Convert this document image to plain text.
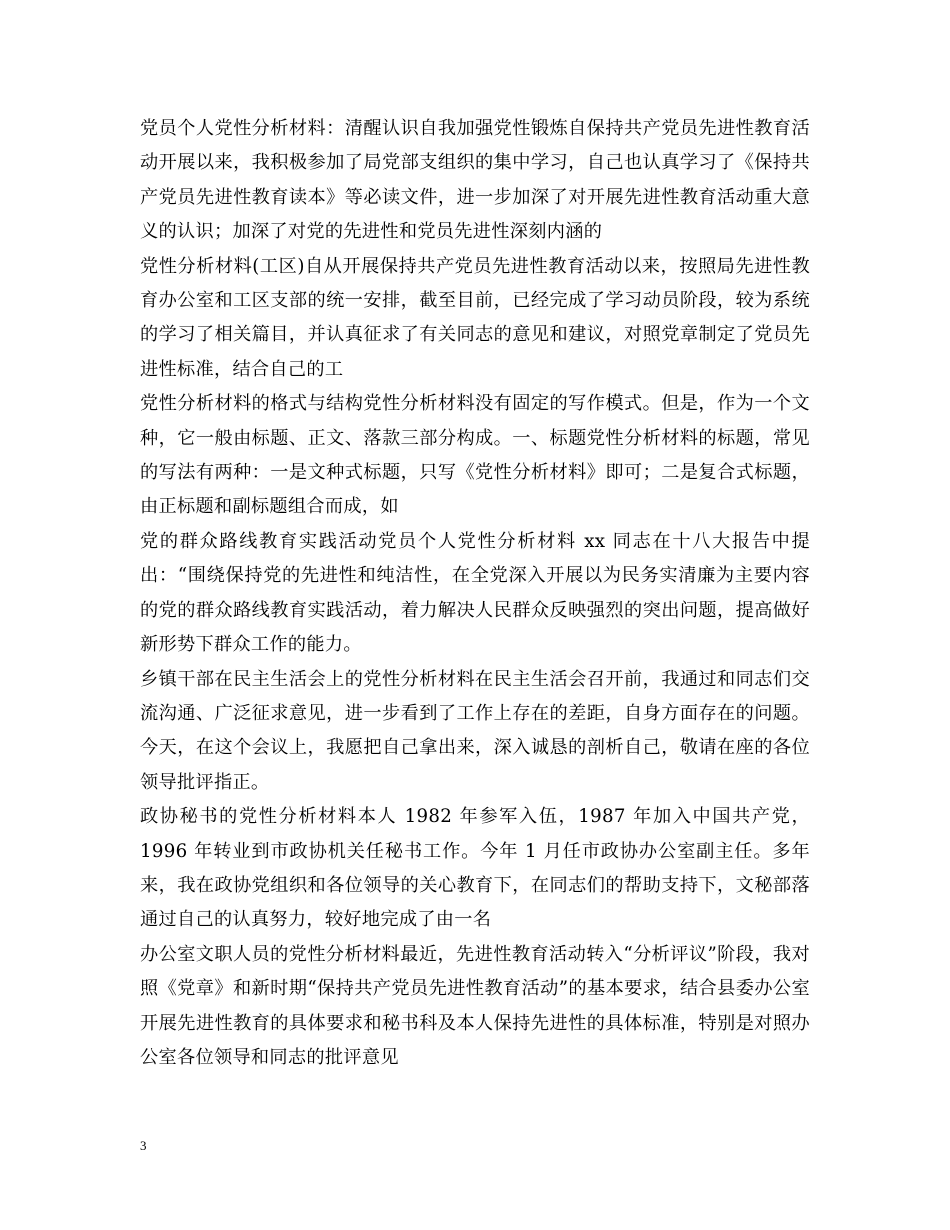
党员个人党性分析材料：清醒认识自我加强党性锻炼自保持共产党员先进性教育活动开展以来，我积极参加了局党部支组织的集中学习，自己也认真学习了《保持共产党员先进性教育读本》等必读文件，进一步加深了对开展先进性教育活动重大意义的认识；加深了对党的先进性和党员先进性深刻内涵的

党性分析材料(工区)自从开展保持共产党员先进性教育活动以来，按照局先进性教育办公室和工区支部的统一安排，截至目前，已经完成了学习动员阶段，较为系统的学习了相关篇目，并认真征求了有关同志的意见和建议，对照党章制定了党员先进性标准，结合自己的工

党性分析材料的格式与结构党性分析材料没有固定的写作模式。但是，作为一个文种，它一般由标题、正文、落款三部分构成。一、标题党性分析材料的标题，常见的写法有两种：一是文种式标题，只写《党性分析材料》即可；二是复合式标题，由正标题和副标题组合而成，如

党的群众路线教育实践活动党员个人党性分析材料 xx 同志在十八大报告中提出：“围绕保持党的先进性和纯洁性，在全党深入开展以为民务实清廉为主要内容的党的群众路线教育实践活动，着力解决人民群众反映强烈的突出问题，提高做好新形势下群众工作的能力。

乡镇干部在民主生活会上的党性分析材料在民主生活会召开前，我通过和同志们交流沟通、广泛征求意见，进一步看到了工作上存在的差距，自身方面存在的问题。今天，在这个会议上，我愿把自己拿出来，深入诚恳的剖析自己，敬请在座的各位领导批评指正。

政协秘书的党性分析材料本人 1982 年参军入伍，1987 年加入中国共产党，1996 年转业到市政协机关任秘书工作。今年 1 月任市政协办公室副主任。多年来，我在政协党组织和各位领导的关心教育下，在同志们的帮助支持下，文秘部落 通过自己的认真努力，较好地完成了由一名

办公室文职人员的党性分析材料最近，先进性教育活动转入“分析评议”阶段，我对照《党章》和新时期“保持共产党员先进性教育活动”的基本要求，结合县委办公室开展先进性教育的具体要求和秘书科及本人保持先进性的具体标准，特别是对照办公室各位领导和同志的批评意见

3
